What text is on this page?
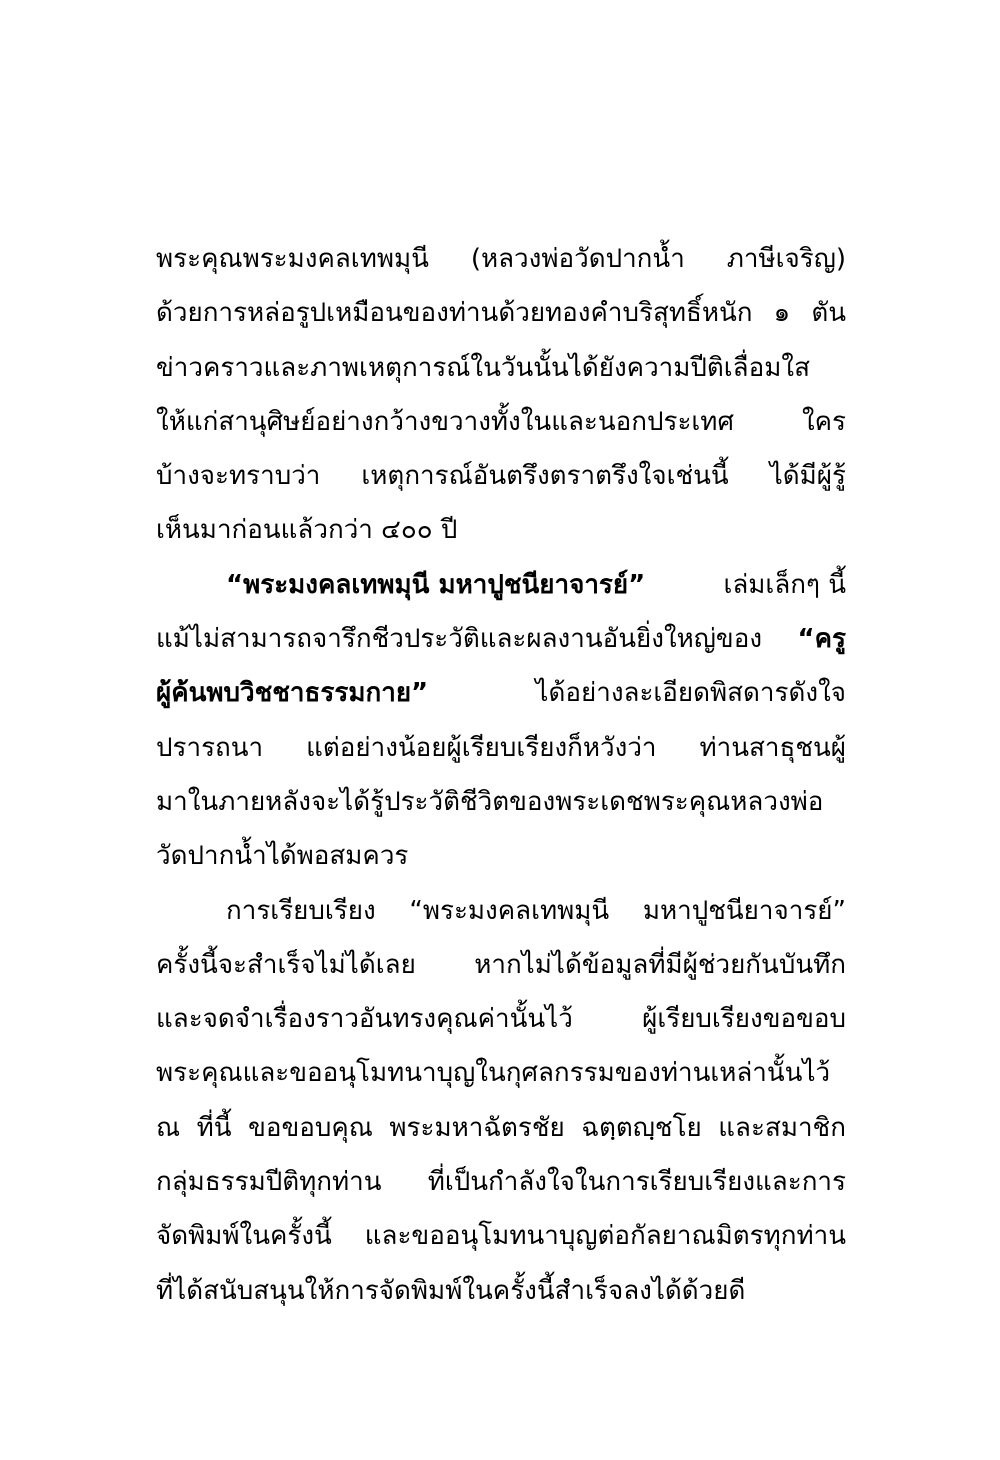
พระคุณพระมงคลเทพมุนี (หลวงพ่อวัดปากน้ำ ภาษีเจริญ)
ด้วยการหล่อรูปเหมือนของท่านด้วยทองคำบริสุทธิ์หนัก ๑ ตัน
ข่าวคราวและภาพเหตุการณ์ในวันนั้นได้ยังความปีติเลื่อมใส
ให้แก่สานุศิษย์อย่างกว้างขวางทั้งในและนอกประเทศ	ใคร
บ้างจะทราบว่า เหตุการณ์อันตรึงตราตรึงใจเช่นนี้ ได้มีผู้รู้
เห็นมาก่อนแล้วกว่า ๔๐๐ ปี
“พระมงคลเทพมุนี มหาปูชนียาจารย์”	เล่มเล็กๆ นี้
แม้ไม่สามารถจารึกชีวประวัติและผลงานอันยิ่งใหญ่ของ “ครู
ผู้ค้นพบวิชชาธรรมกาย”	ได้อย่างละเอียดพิสดารดังใจ
ปรารถนา แต่อย่างน้อยผู้เรียบเรียงก็หวังว่า ท่านสาธุชนผู้
มาในภายหลังจะได้รู้ประวัติชีวิตของพระเดชพระคุณหลวงพ่อ
วัดปากน้ำได้พอสมควร
การเรียบเรียง “พระมงคลเทพมุนี มหาปูชนียาจารย์”
ครั้งนี้จะสำเร็จไม่ได้เลย หากไม่ได้ข้อมูลที่มีผู้ช่วยกันบันทึก
และจดจำเรื่องราวอันทรงคุณค่านั้นไว้	ผู้เรียบเรียงขอขอบ
พระคุณและขออนุโมทนาบุญในกุศลกรรมของท่านเหล่านั้นไว้
ณ ที่นี้ ขอขอบคุณ พระมหาฉัตรชัย ฉตฺตญฺชโย และสมาชิก
กลุ่มธรรมปีติทุกท่าน ที่เป็นกำลังใจในการเรียบเรียงและการ
จัดพิมพ์ในครั้งนี้ และขออนุโมทนาบุญต่อกัลยาณมิตรทุกท่าน
ที่ได้สนับสนุนให้การจัดพิมพ์ในครั้งนี้สำเร็จลงได้ด้วยดี
